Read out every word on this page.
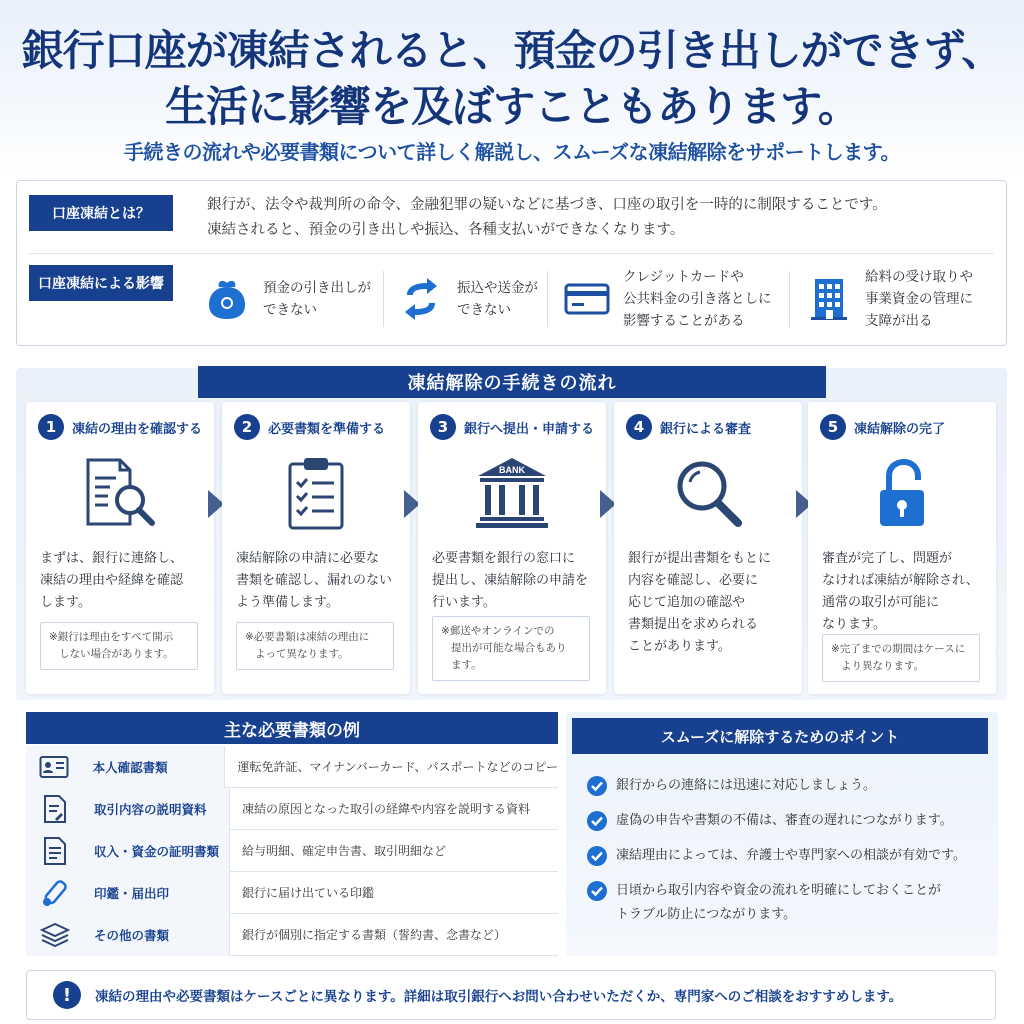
銀行口座が凍結されると、預金の引き出しができず、
生活に影響を及ぼすこともあります。
手続きの流れや必要書類について詳しく解説し、スムーズな凍結解除をサポートします。
口座凍結とは？
銀行が、法令や裁判所の命令、金融犯罪の疑いなどに基づき、口座の取引を一時的に制限することです。
凍結されると、預金の引き出しや振込、各種支払いができなくなります。
口座凍結による影響	預金の引き出しが
できない
振込や送金が
できない
クレジットカードや
公共料金の引き落としに
影響することがある
給料の受け取りや
事業資金の管理に
支障が出る
凍結解除の手続きの流れ
1	凍結の理由を確認する
まずは、銀行に連絡し、
凍結の理由や経緯を確認
します。
※銀行は理由をすべて開示
しない場合があります。
2	必要書類を準備する
凍結解除の申請に必要な
書類を確認し、漏れのない
よう準備します。
※必要書類は凍結の理由に
よって異なります。
3	銀行へ提出・申請する
BANK
必要書類を銀行の窓口に
提出し、凍結解除の申請を
行います。
※郵送やオンラインでの
提出が可能な場合もあり
ます。
4	銀行による審査
銀行が提出書類をもとに
内容を確認し、必要に
応じて追加の確認や
書類提出を求められる
ことがあります。
5	凍結解除の完了
審査が完了し、問題が
なければ凍結が解除され、
通常の取引が可能に
なります。
※完了までの期間はケースに
より異なります。
主な必要書類の例
本人確認書類	運転免許証、マイナンバーカード、パスポートなどのコピー
取引内容の説明資料	凍結の原因となった取引の経緯や内容を説明する資料
収入・資金の証明書類	給与明細、確定申告書、取引明細など
印鑑・届出印	銀行に届け出ている印鑑
その他の書類	銀行が個別に指定する書類（誓約書、念書など）
スムーズに解除するためのポイント
銀行からの連絡には迅速に対応しましょう。
虚偽の申告や書類の不備は、審査の遅れにつながります。
凍結理由によっては、弁護士や専門家への相談が有効です。
日頃から取引内容や資金の流れを明確にしておくことが
トラブル防止につながります。
!	凍結の理由や必要書類はケースごとに異なります。詳細は取引銀行へお問い合わせいただくか、専門家へのご相談をおすすめします。
